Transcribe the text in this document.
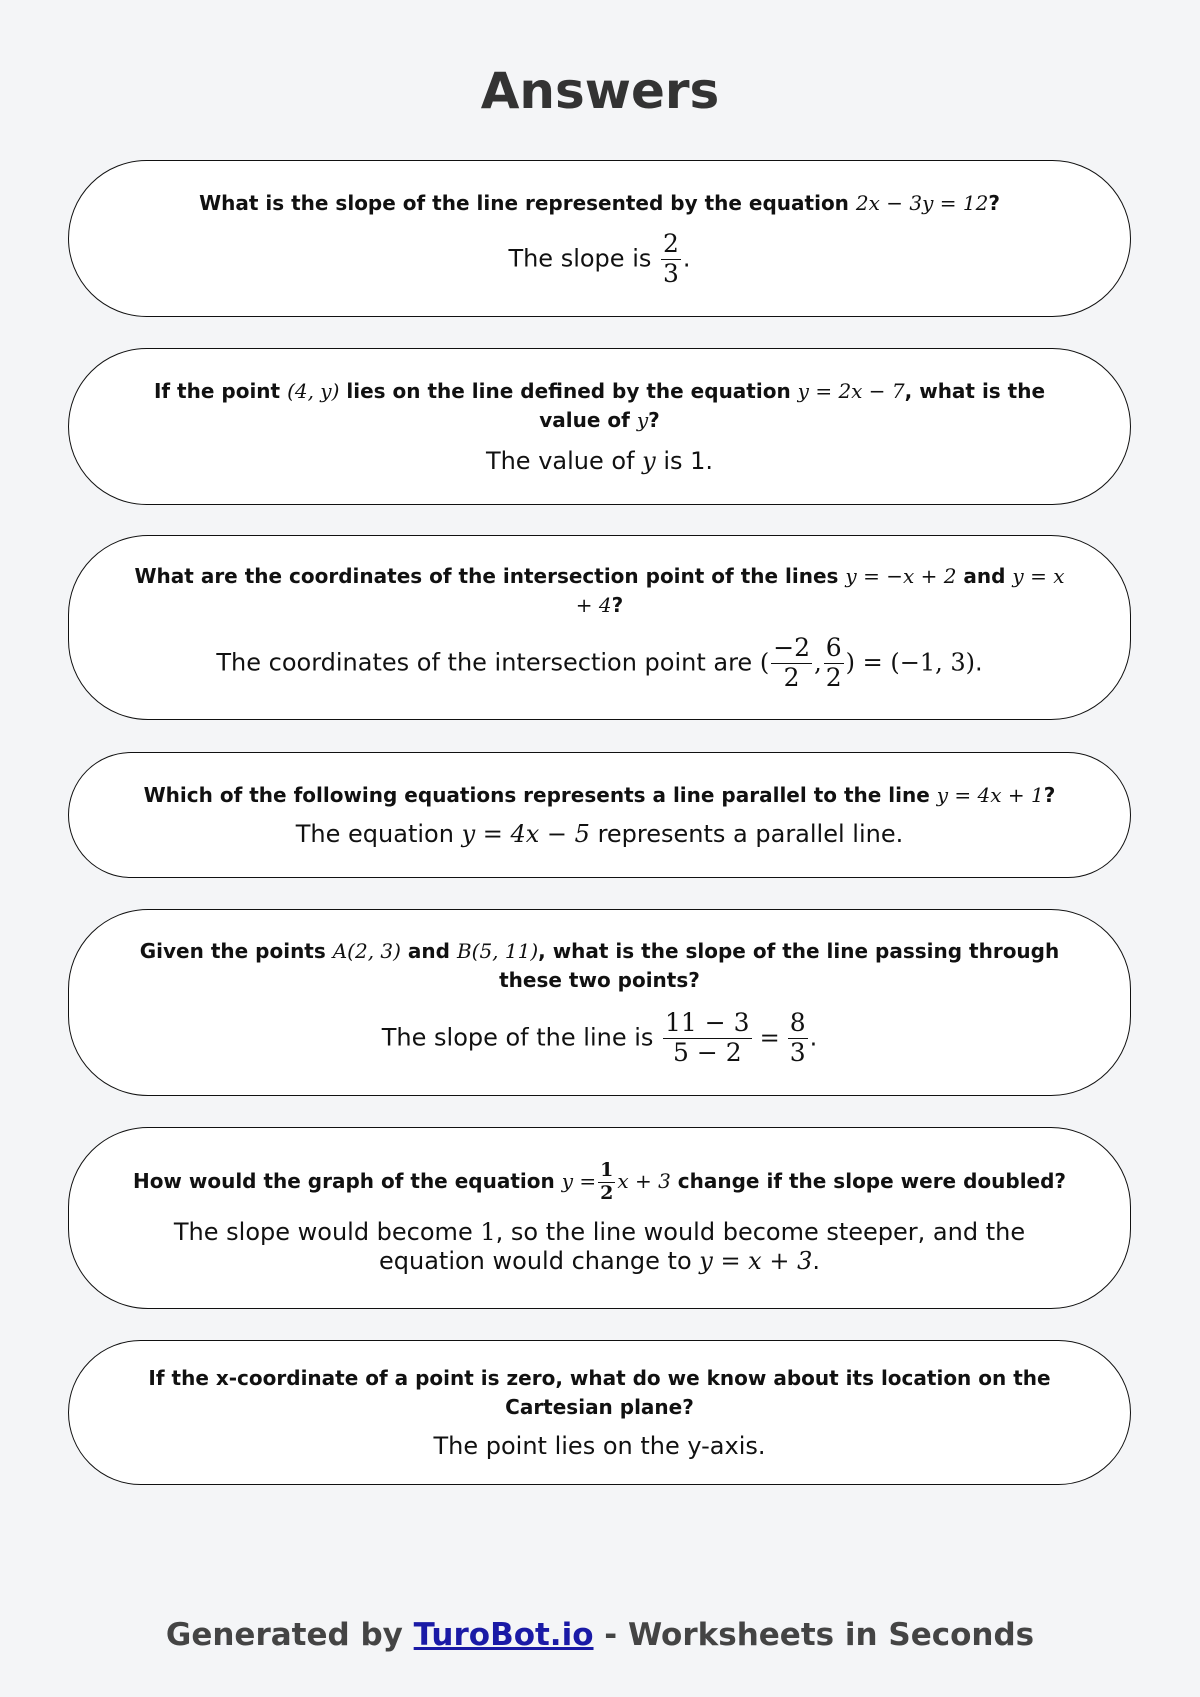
Answers
What is the slope of the line represented by the equation 2x − 3y = 12?
The slope is $\frac{2}{3}$ .
If the point (4, y) lies on the line defined by the equation y = 2x − 7, what is the value of y?
The value of y is 1.
What are the coordinates of the intersection point of the lines y = −x + 2 and y = x + 4?
The coordinates of the intersection point are ( $\frac{-2}{2}$ , $\frac{6}{2}$ ) = (−1, 3).
Which of the following equations represents a line parallel to the line y = 4x + 1?
The equation y = 4x − 5 represents a parallel line.
Given the points A(2, 3) and B(5, 11), what is the slope of the line passing through these two points?
The slope of the line is $\frac{11 - 3}{5 - 2} = \frac{8}{3}$ .
How would the graph of the equation $y = \frac{1}{2}$ x + 3 change if the slope were doubled?
The slope would become 1, so the line would become steeper, and the equation would change to y = x + 3.
If the x-coordinate of a point is zero, what do we know about its location on the Cartesian plane?
The point lies on the y-axis.
Generated by TuroBot.io - Worksheets in Seconds
